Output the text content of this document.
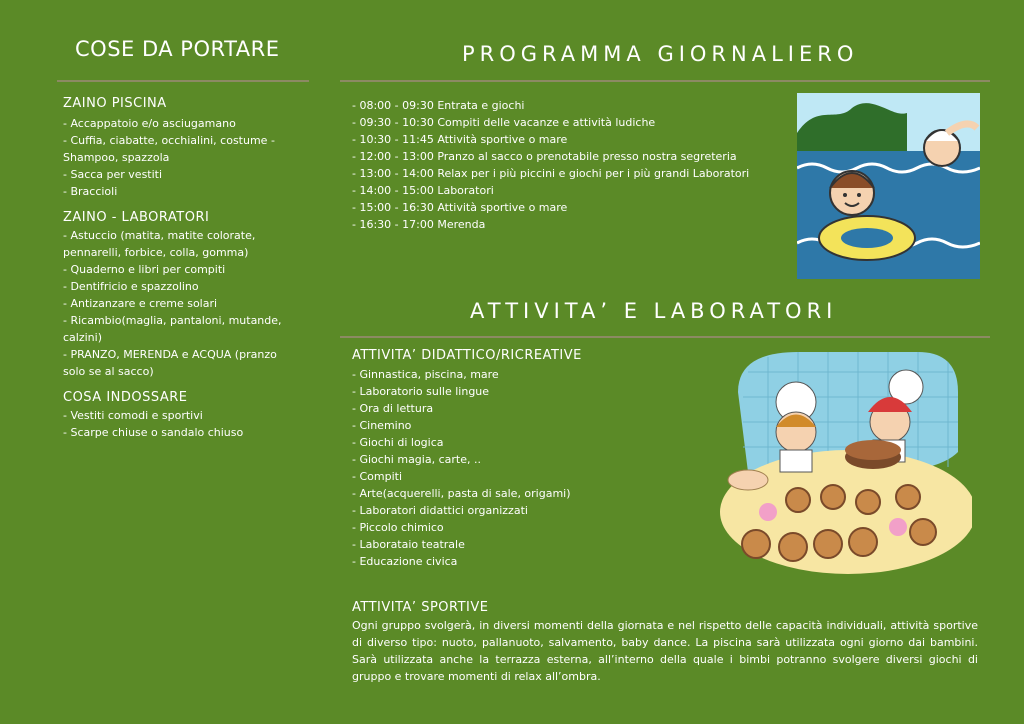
COSE DA PORTARE
ZAINO PISCINA
- Accappatoio e/o asciugamano
- Cuffia, ciabatte, occhialini, costume - Shampoo, spazzola
- Sacca per vestiti
- Braccioli
ZAINO - LABORATORI
- Astuccio (matita, matite colorate, pennarelli, forbice, colla, gomma)
- Quaderno e libri per compiti
- Dentifricio e spazzolino
- Antizanzare e creme solari
- Ricambio(maglia, pantaloni, mutande, calzini)
- PRANZO, MERENDA e ACQUA (pranzo solo se al sacco)
COSA INDOSSARE
- Vestiti comodi e sportivi
- Scarpe chiuse o sandalo chiuso
PROGRAMMA GIORNALIERO
- 08:00 - 09:30 Entrata e giochi
- 09:30 - 10:30 Compiti delle vacanze e attività ludiche
- 10:30 - 11:45 Attività sportive o mare
- 12:00 - 13:00 Pranzo al sacco o prenotabile presso nostra segreteria
- 13:00 - 14:00 Relax per i più piccini e giochi per i più grandi Laboratori
- 14:00 - 15:00 Laboratori
- 15:00 - 16:30 Attività sportive o mare
- 16:30 - 17:00 Merenda
ATTIVITA’ E LABORATORI
ATTIVITA’ DIDATTICO/RICREATIVE
- Ginnastica, piscina, mare
- Laboratorio sulle lingue
- Ora di lettura
- Cinemino
- Giochi di logica
- Giochi magia, carte, ..
- Compiti
- Arte(acquerelli, pasta di sale, origami)
- Laboratori didattici organizzati
- Piccolo chimico
- Laborataio teatrale
- Educazione civica
ATTIVITA’ SPORTIVE
Ogni gruppo svolgerà, in diversi momenti della giornata e nel rispetto delle capacità individuali, attività sportive di diverso tipo: nuoto, pallanuoto, salvamento, baby dance. La piscina sarà utilizzata ogni giorno dai bambini. Sarà utilizzata anche la terrazza esterna, all’interno della quale i bimbi potranno svolgere diversi giochi di gruppo e trovare momenti di relax all’ombra.
